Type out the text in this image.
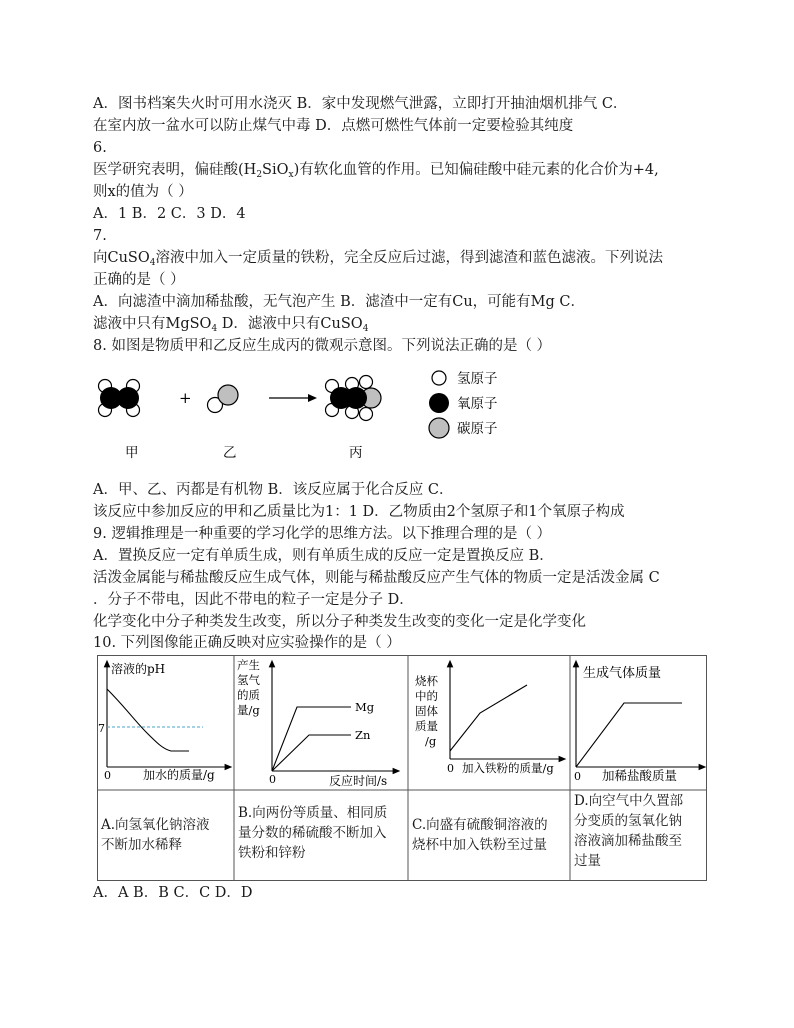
A．图书档案失火时可用水浇灭 B．家中发现燃气泄露，立即打开抽油烟机排气 C．
在室内放一盆水可以防止煤气中毒 D．点燃可燃性气体前一定要检验其纯度
6.
医学研究表明，偏硅酸$(H_2SiO_x)$有软化血管的作用。已知偏硅酸中硅元素的化合价为+4,
则x的值为（ ）
A．1 B．2 C．3 D．4
7.
向CuSO$_4$溶液中加入一定质量的铁粉，完全反应后过滤，得到滤渣和蓝色滤液。下列说法
正确的是（ ）
A．向滤渣中滴加稀盐酸，无气泡产生 B．滤渣中一定有Cu，可能有Mg C．
滤液中只有MgSO$_4$ D．滤液中只有CuSO$_4$
8. 如图是物质甲和乙反应生成丙的微观示意图。下列说法正确的是（ ）
+
氢原子
氧原子
碳原子
甲	乙	丙
A．甲、乙、丙都是有机物 B．该反应属于化合反应 C．
该反应中参加反应的甲和乙质量比为1：1 D．乙物质由2个氢原子和1个氧原子构成
9. 逻辑推理是一种重要的学习化学的思维方法。以下推理合理的是（ ）
A．置换反应一定有单质生成，则有单质生成的反应一定是置换反应 B．
活泼金属能与稀盐酸反应生成气体，则能与稀盐酸反应产生气体的物质一定是活泼金属 C
．分子不带电，因此不带电的粒子一定是分子 D．
化学变化中分子种类发生改变，所以分子种类发生改变的变化一定是化学变化
10. 下列图像能正确反映对应实验操作的是（ ）
溶液的pH
7
0	加水的质量/g
产生
氢气
的质
量/g	Mg
Zn
0	反应时间/s
烧杯
中的
固体
质量
/g
0 加入铁粉的质量/g
生成气体质量
0 加稀盐酸质量
A.向氢氧化钠溶液
不断加水稀释
B.向两份等质量、相同质
量分数的稀硫酸不断加入
铁粉和锌粉
C.向盛有硫酸铜溶液的
烧杯中加入铁粉至过量
D.向空气中久置部
分变质的氢氧化钠
溶液滴加稀盐酸至
过量
A．A B．B C．C D．D
